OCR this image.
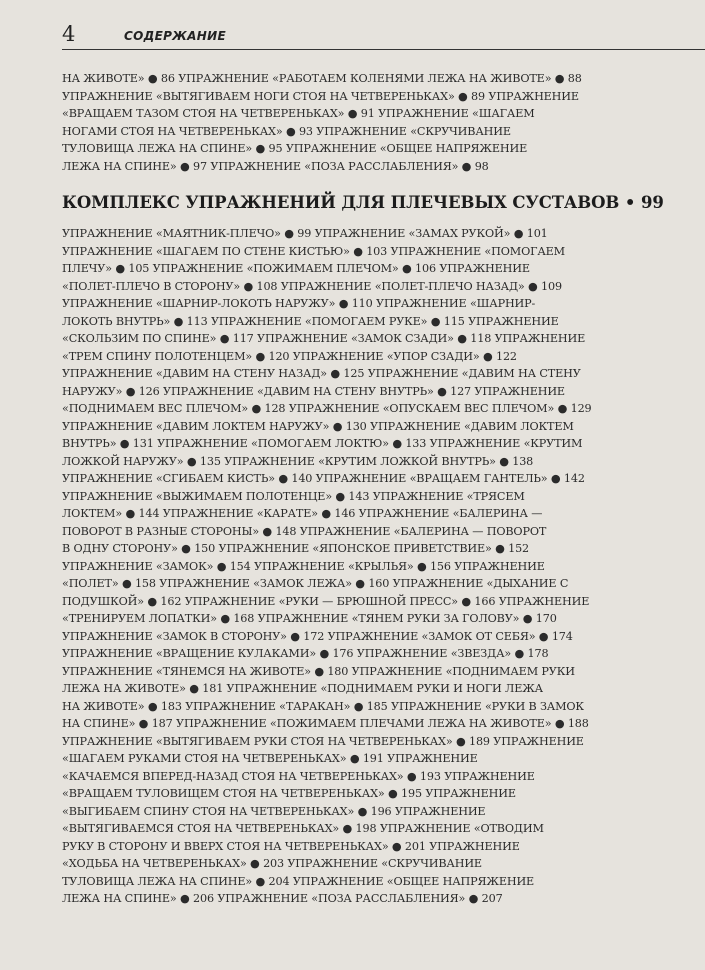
4	СОДЕРЖАНИЕ
НА ЖИВОТЕ» ● 86 УПРАЖНЕНИЕ «РАБОТАЕМ КОЛЕНЯМИ ЛЕЖА НА ЖИВОТЕ» ● 88
УПРАЖНЕНИЕ «ВЫТЯГИВАЕМ НОГИ СТОЯ НА ЧЕТВЕРЕНЬКАХ» ● 89 УПРАЖНЕНИЕ
«ВРАЩАЕМ ТАЗОМ СТОЯ НА ЧЕТВЕРЕНЬКАХ» ● 91 УПРАЖНЕНИЕ «ШАГАЕМ
НОГАМИ СТОЯ НА ЧЕТВЕРЕНЬКАХ» ● 93 УПРАЖНЕНИЕ «СКРУЧИВАНИЕ
ТУЛОВИЩА ЛЕЖА НА СПИНЕ» ● 95 УПРАЖНЕНИЕ «ОБЩЕЕ НАПРЯЖЕНИЕ
ЛЕЖА НА СПИНЕ» ● 97 УПРАЖНЕНИЕ «ПОЗА РАССЛАБЛЕНИЯ» ● 98
КОМПЛЕКС УПРАЖНЕНИЙ ДЛЯ ПЛЕЧЕВЫХ СУСТАВОВ • 99
УПРАЖНЕНИЕ «МАЯТНИК-ПЛЕЧО» ● 99 УПРАЖНЕНИЕ «ЗАМАХ РУКОЙ» ● 101
УПРАЖНЕНИЕ «ШАГАЕМ ПО СТЕНЕ КИСТЬЮ» ● 103 УПРАЖНЕНИЕ «ПОМОГАЕМ
ПЛЕЧУ» ● 105 УПРАЖНЕНИЕ «ПОЖИМАЕМ ПЛЕЧОМ» ● 106 УПРАЖНЕНИЕ
«ПОЛЕТ-ПЛЕЧО В СТОРОНУ» ● 108 УПРАЖНЕНИЕ «ПОЛЕТ-ПЛЕЧО НАЗАД» ● 109
УПРАЖНЕНИЕ «ШАРНИР-ЛОКОТЬ НАРУЖУ» ● 110 УПРАЖНЕНИЕ «ШАРНИР-
ЛОКОТЬ ВНУТРЬ» ● 113 УПРАЖНЕНИЕ «ПОМОГАЕМ РУКЕ» ● 115 УПРАЖНЕНИЕ
«СКОЛЬЗИМ ПО СПИНЕ» ● 117 УПРАЖНЕНИЕ «ЗАМОК СЗАДИ» ● 118 УПРАЖНЕНИЕ
«ТРЕМ СПИНУ ПОЛОТЕНЦЕМ» ● 120 УПРАЖНЕНИЕ «УПОР СЗАДИ» ● 122
УПРАЖНЕНИЕ «ДАВИМ НА СТЕНУ НАЗАД» ● 125 УПРАЖНЕНИЕ «ДАВИМ НА СТЕНУ
НАРУЖУ» ● 126 УПРАЖНЕНИЕ «ДАВИМ НА СТЕНУ ВНУТРЬ» ● 127 УПРАЖНЕНИЕ
«ПОДНИМАЕМ ВЕС ПЛЕЧОМ» ● 128 УПРАЖНЕНИЕ «ОПУСКАЕМ ВЕС ПЛЕЧОМ» ● 129
УПРАЖНЕНИЕ «ДАВИМ ЛОКТЕМ НАРУЖУ» ● 130 УПРАЖНЕНИЕ «ДАВИМ ЛОКТЕМ
ВНУТРЬ» ● 131 УПРАЖНЕНИЕ «ПОМОГАЕМ ЛОКТЮ» ● 133 УПРАЖНЕНИЕ «КРУТИМ
ЛОЖКОЙ НАРУЖУ» ● 135 УПРАЖНЕНИЕ «КРУТИМ ЛОЖКОЙ ВНУТРЬ» ● 138
УПРАЖНЕНИЕ «СГИБАЕМ КИСТЬ» ● 140 УПРАЖНЕНИЕ «ВРАЩАЕМ ГАНТЕЛЬ» ● 142
УПРАЖНЕНИЕ «ВЫЖИМАЕМ ПОЛОТЕНЦЕ» ● 143 УПРАЖНЕНИЕ «ТРЯСЕМ
ЛОКТЕМ» ● 144 УПРАЖНЕНИЕ «КАРАТЕ» ● 146 УПРАЖНЕНИЕ «БАЛЕРИНА —
ПОВОРОТ В РАЗНЫЕ СТОРОНЫ» ● 148 УПРАЖНЕНИЕ «БАЛЕРИНА — ПОВОРОТ
В ОДНУ СТОРОНУ» ● 150 УПРАЖНЕНИЕ «ЯПОНСКОЕ ПРИВЕТСТВИЕ» ● 152
УПРАЖНЕНИЕ «ЗАМОК» ● 154 УПРАЖНЕНИЕ «КРЫЛЬЯ» ● 156 УПРАЖНЕНИЕ
«ПОЛЕТ» ● 158 УПРАЖНЕНИЕ «ЗАМОК ЛЕЖА» ● 160 УПРАЖНЕНИЕ «ДЫХАНИЕ С
ПОДУШКОЙ» ● 162 УПРАЖНЕНИЕ «РУКИ — БРЮШНОЙ ПРЕСС» ● 166 УПРАЖНЕНИЕ
«ТРЕНИРУЕМ ЛОПАТКИ» ● 168 УПРАЖНЕНИЕ «ТЯНЕМ РУКИ ЗА ГОЛОВУ» ● 170
УПРАЖНЕНИЕ «ЗАМОК В СТОРОНУ» ● 172 УПРАЖНЕНИЕ «ЗАМОК ОТ СЕБЯ» ● 174
УПРАЖНЕНИЕ «ВРАЩЕНИЕ КУЛАКАМИ» ● 176 УПРАЖНЕНИЕ «ЗВЕЗДА» ● 178
УПРАЖНЕНИЕ «ТЯНЕМСЯ НА ЖИВОТЕ» ● 180 УПРАЖНЕНИЕ «ПОДНИМАЕМ РУКИ
ЛЕЖА НА ЖИВОТЕ» ● 181 УПРАЖНЕНИЕ «ПОДНИМАЕМ РУКИ И НОГИ ЛЕЖА
НА ЖИВОТЕ» ● 183 УПРАЖНЕНИЕ «ТАРАКАН» ● 185 УПРАЖНЕНИЕ «РУКИ В ЗАМОК
НА СПИНЕ» ● 187 УПРАЖНЕНИЕ «ПОЖИМАЕМ ПЛЕЧАМИ ЛЕЖА НА ЖИВОТЕ» ● 188
УПРАЖНЕНИЕ «ВЫТЯГИВАЕМ РУКИ СТОЯ НА ЧЕТВЕРЕНЬКАХ» ● 189 УПРАЖНЕНИЕ
«ШАГАЕМ РУКАМИ СТОЯ НА ЧЕТВЕРЕНЬКАХ» ● 191 УПРАЖНЕНИЕ
«КАЧАЕМСЯ ВПЕРЕД-НАЗАД СТОЯ НА ЧЕТВЕРЕНЬКАХ» ● 193 УПРАЖНЕНИЕ
«ВРАЩАЕМ ТУЛОВИЩЕМ СТОЯ НА ЧЕТВЕРЕНЬКАХ» ● 195 УПРАЖНЕНИЕ
«ВЫГИБАЕМ СПИНУ СТОЯ НА ЧЕТВЕРЕНЬКАХ» ● 196 УПРАЖНЕНИЕ
«ВЫТЯГИВАЕМСЯ СТОЯ НА ЧЕТВЕРЕНЬКАХ» ● 198 УПРАЖНЕНИЕ «ОТВОДИМ
РУКУ В СТОРОНУ И ВВЕРХ СТОЯ НА ЧЕТВЕРЕНЬКАХ» ● 201 УПРАЖНЕНИЕ
«ХОДЬБА НА ЧЕТВЕРЕНЬКАХ» ● 203 УПРАЖНЕНИЕ «СКРУЧИВАНИЕ
ТУЛОВИЩА ЛЕЖА НА СПИНЕ» ● 204 УПРАЖНЕНИЕ «ОБЩЕЕ НАПРЯЖЕНИЕ
ЛЕЖА НА СПИНЕ» ● 206 УПРАЖНЕНИЕ «ПОЗА РАССЛАБЛЕНИЯ» ● 207
